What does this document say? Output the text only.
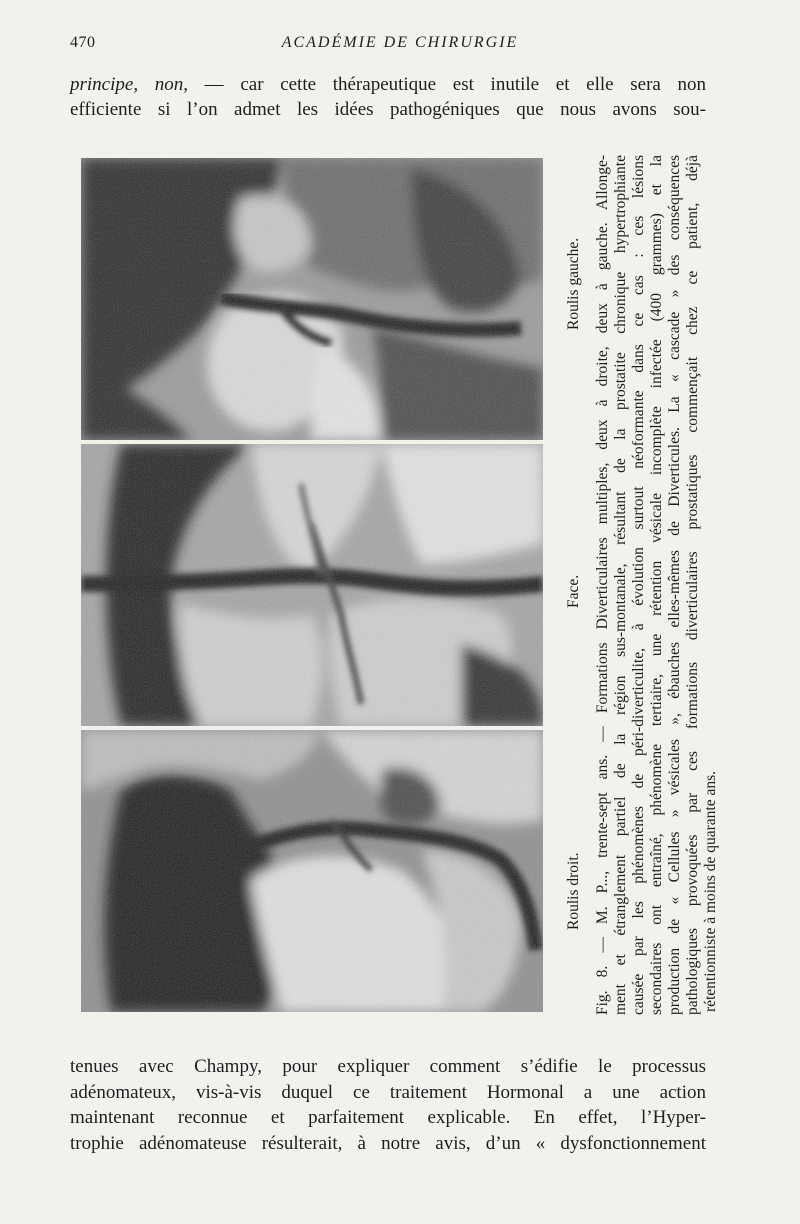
470	ACADÉMIE DE CHIRURGIE
principe, non, — car cette thérapeutique est inutile et elle sera non
efficiente si l’on admet les idées pathogéniques que nous avons sou-
Roulis droit.
Face.
Roulis gauche. Fig. 8. — M. P..., trente-sept ans. — Formations Diverticulaires multiples, deux à droite, deux à gauche. Allonge- ment et étranglement partiel de la région sus-montanale, résultant de la prostatite chronique hypertrophiante causée par les phénomènes de péri-diverticulite, à évolution surtout néoformante dans ce cas : ces lésions secondaires ont entraîné, phénomène tertiaire, une rétention vésicale incomplète infectée (400 grammes) et la production de « Cellules » vésicales », ébauches elles-mêmes de Diverticules. La « cascade » des conséquences pathologiques provoquées par ces formations diverticulaires prostatiques commençait chez ce patient, déjà rétentionniste à moins de quarante ans.
tenues avec Champy, pour expliquer comment s’édifie le processus
adénomateux, vis-à-vis duquel ce traitement Hormonal a une action
maintenant reconnue et parfaitement explicable. En effet, l’Hyper-
trophie adénomateuse résulterait, à notre avis, d’un « dysfonctionnement
